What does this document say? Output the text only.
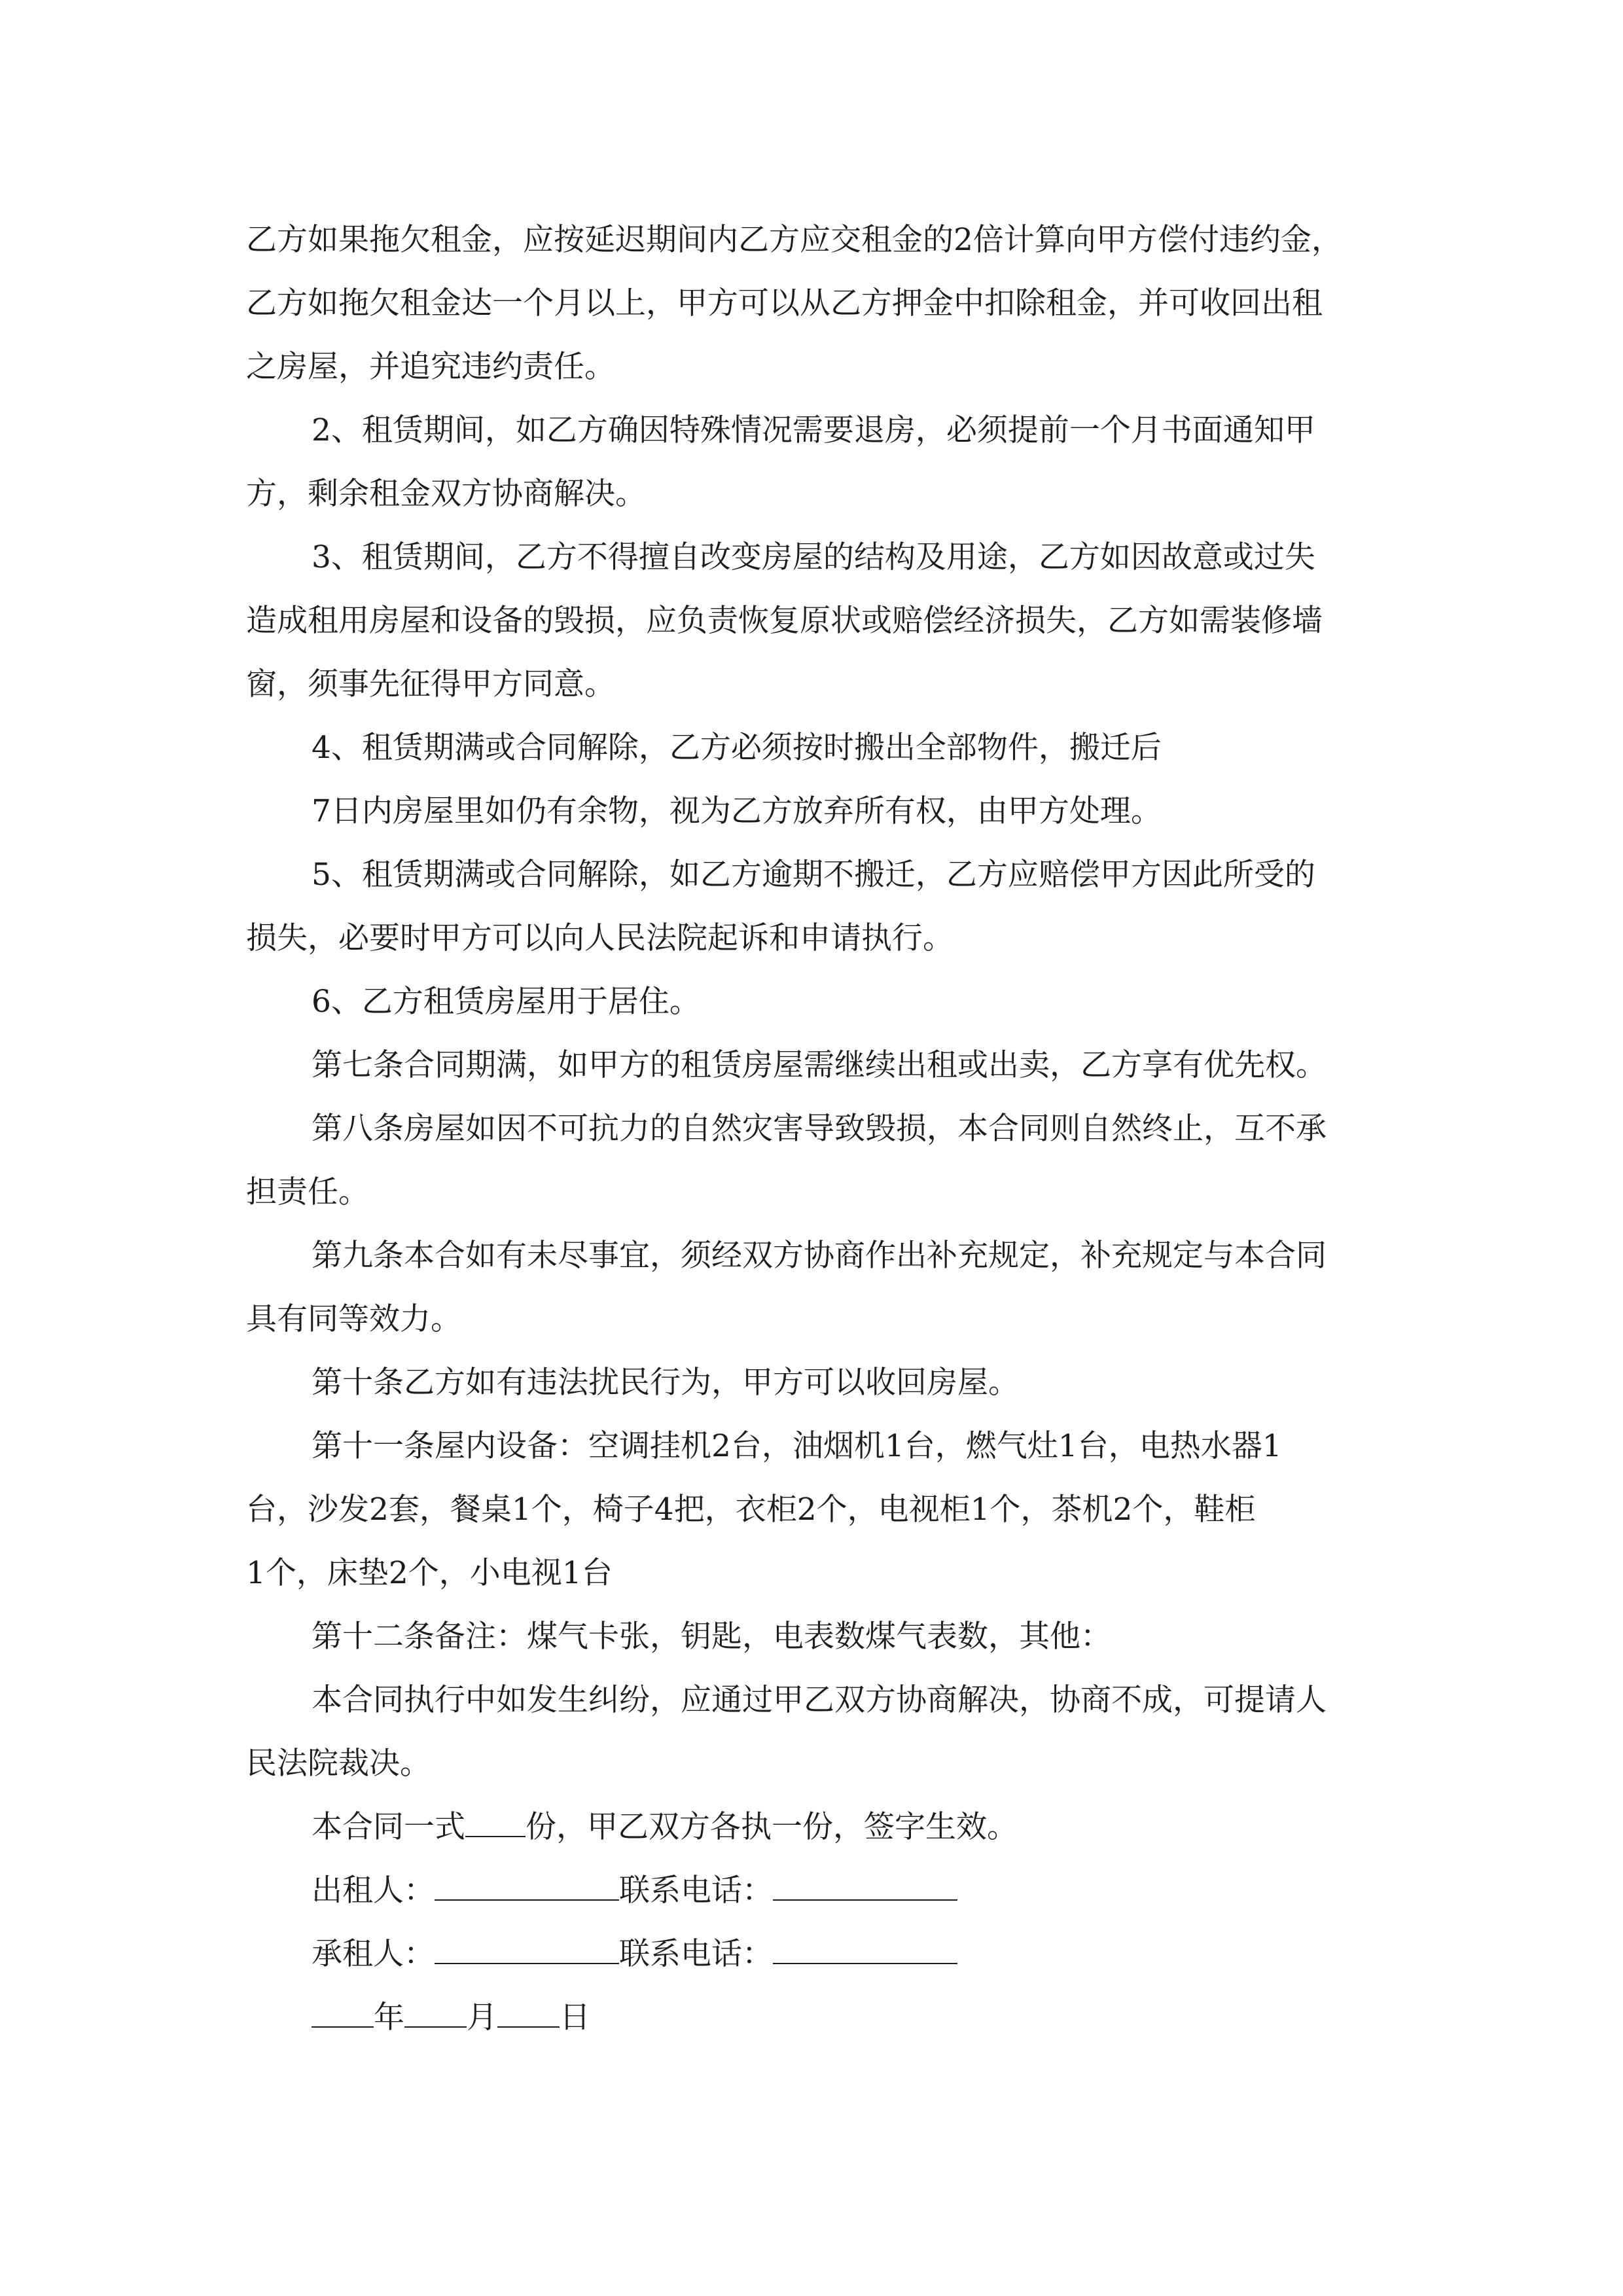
乙方如果拖欠租金，应按延迟期间内乙方应交租金的2倍计算向甲方偿付违约金，
乙方如拖欠租金达一个月以上，甲方可以从乙方押金中扣除租金，并可收回出租
之房屋，并追究违约责任。
2、租赁期间，如乙方确因特殊情况需要退房，必须提前一个月书面通知甲
方，剩余租金双方协商解决。
3、租赁期间，乙方不得擅自改变房屋的结构及用途，乙方如因故意或过失
造成租用房屋和设备的毁损，应负责恢复原状或赔偿经济损失，乙方如需装修墙
窗，须事先征得甲方同意。
4、租赁期满或合同解除，乙方必须按时搬出全部物件，搬迁后
7日内房屋里如仍有余物，视为乙方放弃所有权，由甲方处理。
5、租赁期满或合同解除，如乙方逾期不搬迁，乙方应赔偿甲方因此所受的
损失，必要时甲方可以向人民法院起诉和申请执行。
6、乙方租赁房屋用于居住。
第七条合同期满，如甲方的租赁房屋需继续出租或出卖，乙方享有优先权。
第八条房屋如因不可抗力的自然灾害导致毁损，本合同则自然终止，互不承
担责任。
第九条本合如有未尽事宜，须经双方协商作出补充规定，补充规定与本合同
具有同等效力。
第十条乙方如有违法扰民行为，甲方可以收回房屋。
第十一条屋内设备：空调挂机2台，油烟机1台，燃气灶1台，电热水器1
台，沙发2套，餐桌1个，椅子4把，衣柜2个，电视柜1个，茶机2个，鞋柜
1个，床垫2个，小电视1台
第十二条备注：煤气卡张，钥匙，电表数煤气表数，其他：
本合同执行中如发生纠纷，应通过甲乙双方协商解决，协商不成，可提请人
民法院裁决。
本合同一式 份，甲乙双方各执一份，签字生效。
出租人：	联系电话：
承租人：	联系电话：
年 月 日
